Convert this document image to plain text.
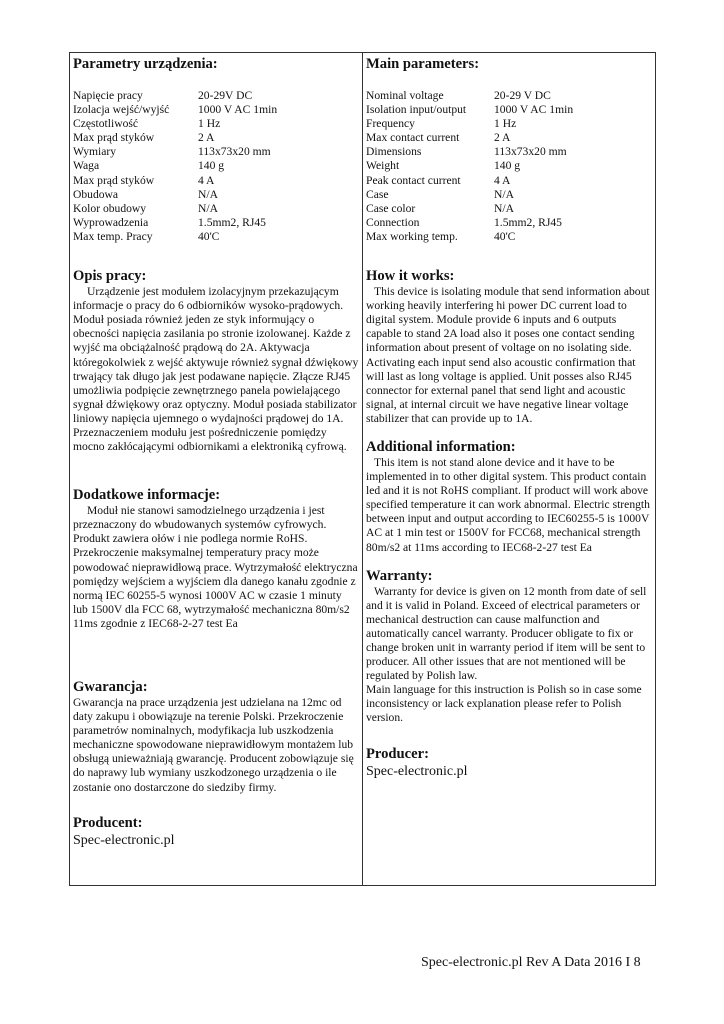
Parametry urządzenia:
Napięcie pracy	20-29V DC
Izolacja wejść/wyjść	1000 V AC 1min
Częstotliwość	1 Hz
Max prąd styków	2 A
Wymiary	113x73x20 mm
Waga	140 g
Max prąd styków	4 A
Obudowa	N/A
Kolor obudowy	N/A
Wyprowadzenia	1.5mm2, RJ45
Max temp. Pracy	40'C
Opis pracy:

Urządzenie jest modułem izolacyjnym przekazującym informacje o pracy do 6 odbiorników wysoko-prądowych. Moduł posiada również jeden ze styk informujący o obecności napięcia zasilania po stronie izolowanej. Każde z wyjść ma obciążalność prądową do 2A. Aktywacja któregokolwiek z wejść aktywuje również sygnał dźwiękowy trwający tak długo jak jest podawane napięcie. Złącze RJ45 umożliwia podpięcie zewnętrznego panela powielającego sygnał dźwiękowy oraz optyczny. Moduł posiada stabilizator liniowy napięcia ujemnego o wydajności prądowej do 1A. Przeznaczeniem modułu jest pośredniczenie pomiędzy mocno zakłócającymi odbiornikami a elektroniką cyfrową.

Dodatkowe informacje:

Moduł nie stanowi samodzielnego urządzenia i jest przeznaczony do wbudowanych systemów cyfrowych. Produkt zawiera ołów i nie podlega normie RoHS. Przekroczenie maksymalnej temperatury pracy może powodować nieprawidłową prace. Wytrzymałość elektryczna pomiędzy wejściem a wyjściem dla danego kanału zgodnie z normą IEC 60255-5 wynosi 1000V AC w czasie 1 minuty lub 1500V dla FCC 68, wytrzymałość mechaniczna 80m/s2 11ms zgodnie z IEC68-2-27 test Ea

Gwarancja:

Gwarancja na prace urządzenia jest udzielana na 12mc od daty zakupu i obowiązuje na terenie Polski. Przekroczenie parametrów nominalnych, modyfikacja lub uszkodzenia mechaniczne spowodowane nieprawidłowym montażem lub obsługą unieważniają gwarancję. Producent zobowiązuje się do naprawy lub wymiany uszkodzonego urządzenia o ile zostanie ono dostarczone do siedziby firmy.

Producent:

Spec-electronic.pl

Main parameters:
Nominal voltage	20-29 V DC
Isolation input/output	1000 V AC 1min
Frequency	1 Hz
Max contact current	2 A
Dimensions	113x73x20 mm
Weight	140 g
Peak contact current	4 A
Case	N/A
Case color	N/A
Connection	1.5mm2, RJ45
Max working temp.	40'C
How it works:

This device is isolating module that send information about working heavily interfering hi power DC current load to digital system. Module provide 6 inputs and 6 outputs capable to stand 2A load also it poses one contact sending information about present of voltage on no isolating side. Activating each input send also acoustic confirmation that will last as long voltage is applied. Unit posses also RJ45 connector for external panel that send light and acoustic signal, at internal circuit we have negative linear voltage stabilizer that can provide up to 1A.

Additional information:

This item is not stand alone device and it have to be implemented in to other digital system. This product contain led and it is not RoHS compliant. If product will work above specified temperature it can work abnormal. Electric strength between input and output according to IEC60255-5 is 1000V AC at 1 min test or 1500V for FCC68, mechanical strength 80m/s2 at 11ms according to IEC68-2-27 test Ea

Warranty:

Warranty for device is given on 12 month from date of sell and it is valid in Poland. Exceed of electrical parameters or mechanical destruction can cause malfunction and automatically cancel warranty. Producer obligate to fix or change broken unit in warranty period if item will be sent to producer. All other issues that are not mentioned will be regulated by Polish law.

Main language for this instruction is Polish so in case some inconsistency or lack explanation please refer to Polish version.

Producer:

Spec-electronic.pl

Spec-electronic.pl Rev A Data 2016 I 8
